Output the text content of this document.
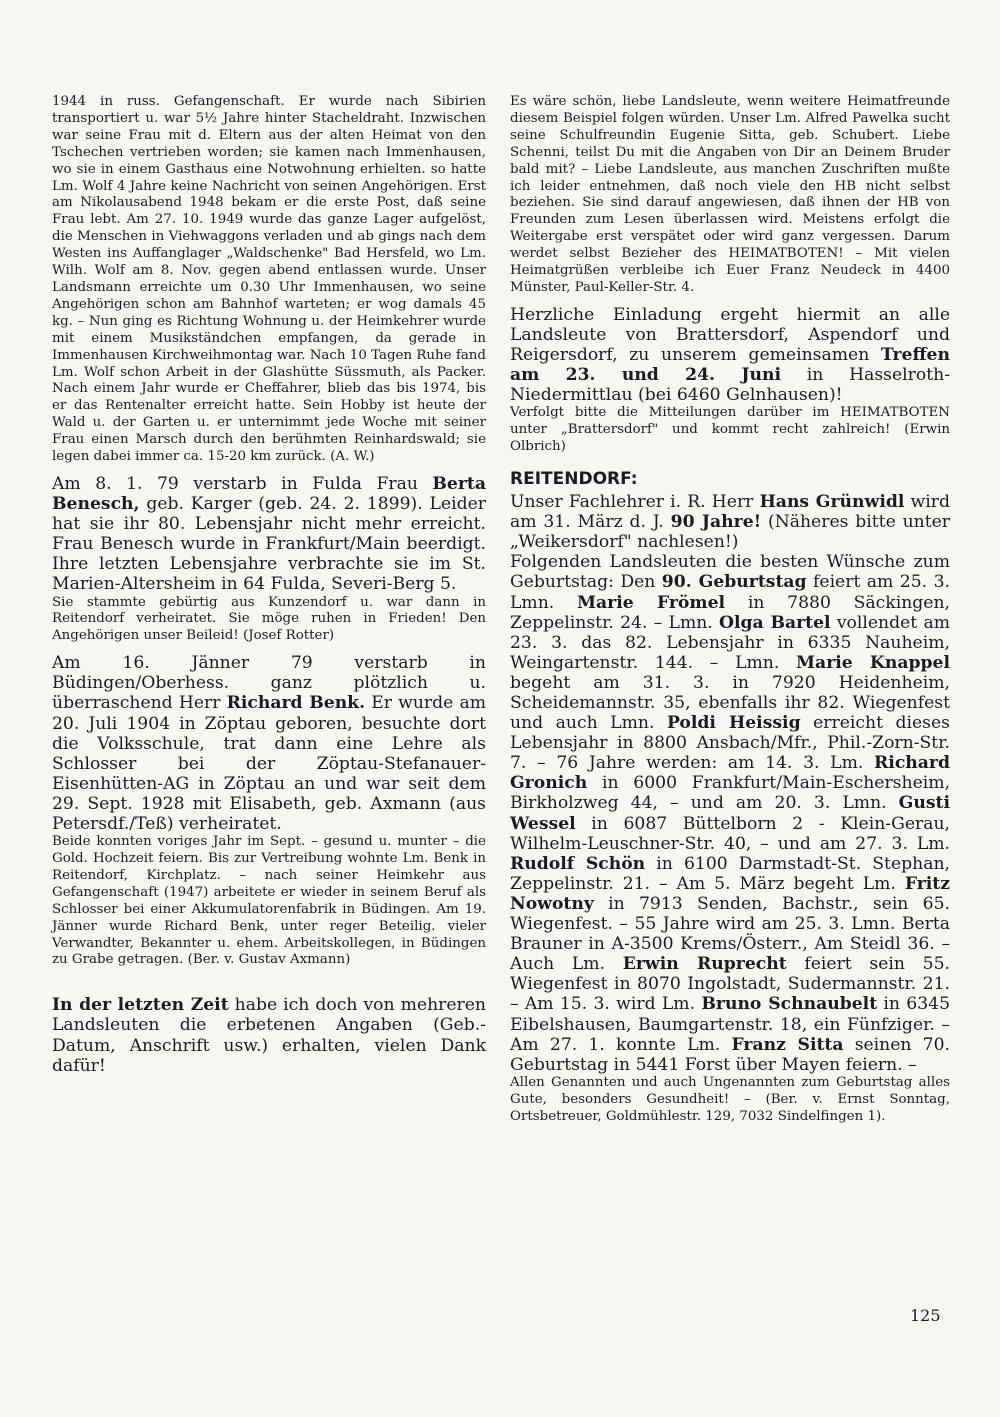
1944 in russ. Gefangenschaft. Er wurde nach Sibirien transportiert u. war 5½ Jahre hinter Stacheldraht. Inzwischen war seine Frau mit d. Eltern aus der alten Heimat von den Tschechen vertrieben worden; sie kamen nach Immenhausen, wo sie in einem Gasthaus eine Notwohnung erhielten. so hatte Lm. Wolf 4 Jahre keine Nachricht von seinen Angehörigen. Erst am Nikolausabend 1948 bekam er die erste Post, daß seine Frau lebt. Am 27. 10. 1949 wurde das ganze Lager aufgelöst, die Menschen in Viehwaggons verladen und ab gings nach dem Westen ins Auffanglager „Waldschenke" Bad Hersfeld, wo Lm. Wilh. Wolf am 8. Nov. gegen abend entlassen wurde. Unser Landsmann erreichte um 0.30 Uhr Immenhausen, wo seine Angehörigen schon am Bahnhof warteten; er wog damals 45 kg. – Nun ging es Richtung Wohnung u. der Heimkehrer wurde mit einem Musikständchen empfangen, da gerade in Immenhausen Kirchweihmontag war. Nach 10 Tagen Ruhe fand Lm. Wolf schon Arbeit in der Glashütte Süssmuth, als Packer. Nach einem Jahr wurde er Cheffahrer, blieb das bis 1974, bis er das Rentenalter erreicht hatte. Sein Hobby ist heute der Wald u. der Garten u. er unternimmt jede Woche mit seiner Frau einen Marsch durch den berühmten Reinhardswald; sie legen dabei immer ca. 15-20 km zurück. (A. W.)

Am 8. 1. 79 verstarb in Fulda Frau Berta Benesch, geb. Karger (geb. 24. 2. 1899). Leider hat sie ihr 80. Lebensjahr nicht mehr erreicht. Frau Benesch wurde in Frankfurt/Main beerdigt. Ihre letzten Lebensjahre verbrachte sie im St. Marien-Altersheim in 64 Fulda, Severi-Berg 5.

Sie stammte gebürtig aus Kunzendorf u. war dann in Reitendorf verheiratet. Sie möge ruhen in Frieden! Den Angehörigen unser Beileid! (Josef Rotter)

Am 16. Jänner 79 verstarb in Büdingen/Oberhess. ganz plötzlich u. überraschend Herr Richard Benk. Er wurde am 20. Juli 1904 in Zöptau geboren, besuchte dort die Volksschule, trat dann eine Lehre als Schlosser bei der Zöptau-Stefanauer-Eisenhütten-AG in Zöptau an und war seit dem 29. Sept. 1928 mit Elisabeth, geb. Axmann (aus Petersdf./Teß) verheiratet.

Beide konnten voriges Jahr im Sept. – gesund u. munter – die Gold. Hochzeit feiern. Bis zur Vertreibung wohnte Lm. Benk in Reitendorf, Kirchplatz. – nach seiner Heimkehr aus Gefangenschaft (1947) arbeitete er wieder in seinem Beruf als Schlosser bei einer Akkumulatorenfabrik in Büdingen. Am 19. Jänner wurde Richard Benk, unter reger Beteilig. vieler Verwandter, Bekannter u. ehem. Arbeitskollegen, in Büdingen zu Grabe getragen. (Ber. v. Gustav Axmann)

In der letzten Zeit habe ich doch von mehreren Landsleuten die erbetenen Angaben (Geb.-Datum, Anschrift usw.) erhalten, vielen Dank dafür!

Es wäre schön, liebe Landsleute, wenn weitere Heimatfreunde diesem Beispiel folgen würden. Unser Lm. Alfred Pawelka sucht seine Schulfreundin Eugenie Sitta, geb. Schubert. Liebe Schenni, teilst Du mit die Angaben von Dir an Deinem Bruder bald mit? – Liebe Landsleute, aus manchen Zuschriften mußte ich leider entnehmen, daß noch viele den HB nicht selbst beziehen. Sie sind darauf angewiesen, daß ihnen der HB von Freunden zum Lesen überlassen wird. Meistens erfolgt die Weitergabe erst verspätet oder wird ganz vergessen. Darum werdet selbst Bezieher des HEIMATBOTEN! – Mit vielen Heimatgrüßen verbleibe ich Euer Franz Neudeck in 4400 Münster, Paul-Keller-Str. 4.

Herzliche Einladung ergeht hiermit an alle Landsleute von Brattersdorf, Aspendorf und Reigersdorf, zu unserem gemeinsamen Treffen am 23. und 24. Juni in Hasselroth-Niedermittlau (bei 6460 Gelnhausen)!

Verfolgt bitte die Mitteilungen darüber im HEIMATBOTEN unter „Brattersdorf" und kommt recht zahlreich! (Erwin Olbrich)

REITENDORF:

Unser Fachlehrer i. R. Herr Hans Grünwidl wird am 31. März d. J. 90 Jahre! (Näheres bitte unter „Weikersdorf" nachlesen!)

Folgenden Landsleuten die besten Wünsche zum Geburtstag: Den 90. Geburtstag feiert am 25. 3. Lmn. Marie Frömel in 7880 Säckingen, Zeppelinstr. 24. – Lmn. Olga Bartel vollendet am 23. 3. das 82. Lebensjahr in 6335 Nauheim, Weingartenstr. 144. – Lmn. Marie Knappel begeht am 31. 3. in 7920 Heidenheim, Scheidemannstr. 35, ebenfalls ihr 82. Wiegenfest und auch Lmn. Poldi Heissig erreicht dieses Lebensjahr in 8800 Ansbach/Mfr., Phil.-Zorn-Str. 7. – 76 Jahre werden: am 14. 3. Lm. Richard Gronich in 6000 Frankfurt/Main-Eschersheim, Birkholzweg 44, – und am 20. 3. Lmn. Gusti Wessel in 6087 Büttelborn 2 - Klein-Gerau, Wilhelm-Leuschner-Str. 40, – und am 27. 3. Lm. Rudolf Schön in 6100 Darmstadt-St. Stephan, Zeppelinstr. 21. – Am 5. März begeht Lm. Fritz Nowotny in 7913 Senden, Bachstr., sein 65. Wiegenfest. – 55 Jahre wird am 25. 3. Lmn. Berta Brauner in A-3500 Krems/Österr., Am Steidl 36. – Auch Lm. Erwin Ruprecht feiert sein 55. Wiegenfest in 8070 Ingolstadt, Sudermannstr. 21. – Am 15. 3. wird Lm. Bruno Schnaubelt in 6345 Eibelshausen, Baumgartenstr. 18, ein Fünfziger. – Am 27. 1. konnte Lm. Franz Sitta seinen 70. Geburtstag in 5441 Forst über Mayen feiern. –

Allen Genannten und auch Ungenannten zum Geburtstag alles Gute, besonders Gesundheit! – (Ber. v. Ernst Sonntag, Ortsbetreuer, Goldmühlestr. 129, 7032 Sindelfingen 1).

125
